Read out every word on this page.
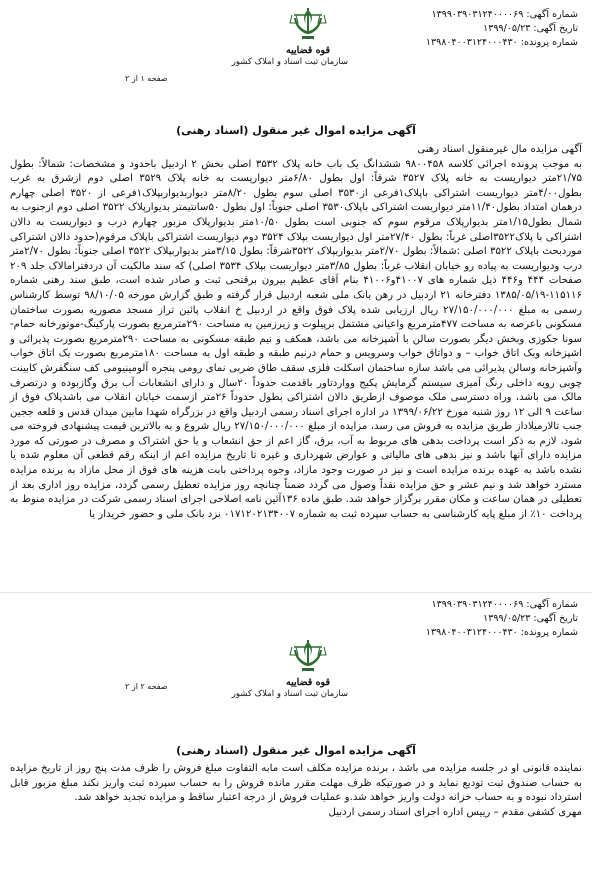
شماره آگهی: ۱۳۹۹۰۳۹۰۳۱۲۴۰۰۰۰۶۹
تاریخ آگهی: ۱۳۹۹/۰۵/۲۳
شماره پرونده: ۱۳۹۸۰۴۰۰۳۱۲۴۰۰۰۴۳۰
قوه قضاییه
سازمان ثبت اسناد و املاک کشور
صفحه ۱ از ۲
آگهی مزایده اموال غیر منقول (اسناد رهنی)

آگهی مزایده مال غیرمنقول اسناد رهنی

به موجب پرونده اجرائی کلاسه ۹۸۰۰۴۵۸ ششدانگ یک باب خانه پلاک ۳۵۳۲ اصلی بخش ۲ اردبیل باحدود و مشخصات: شمالاً: بطول ۲۱/۷۵متر دیواریست به خانه پلاک ۳۵۲۷ شرقاً: اول بطول ۶/۸۰متر دیواریست به خانه پلاک ۳۵۲۹ اصلی دوم ازشرق به غرب بطول۴/۰۰متر دیواریست اشتراکی باپلاک۱فرعی از۳۵۳۰ اصلی سوم بطول ۸/۲۰متر دیواربدیواربپلاک۱فرعی از ۳۵۲۰ اصلی چهارم درهمان امتداد بطول۱۱/۴۰متر دیواریست اشتراکی باپلاک۳۵۳۰ اصلی جنوباً: اول بطول ۵۰سانتیمتر بدیوارپلاک ۳۵۲۲ اصلی دوم ازجنوب به شمال بطول۱/۱۵متر بدیوارپلاک مرقوم سوم که جنوبی است بطول ۱۰/۵۰متر بدیوارپلاک مزبور چهارم درب و دیواریست به دالان اشتراکی با پلاک۳۵۲۲اصلی غرباً: بطول ۲۷/۴۰متر اول دیواریست بپلاک ۳۵۲۴ دوم دیواریست اشتراکی باپلاک مرقوم(حدود دالان اشتراکی موردبحث باپلاک ۳۵۲۲ اصلی :شمالاً: بطول ۲/۷۰متر بدیواربپلاک ۳۵۲۲شرقاً: بطول ۳/۱۵متر بدیواربپلاک ۳۵۲۲ اصلی جنوباً: بطول ۲/۷۰متر درب ودیواریست به پیاده رو خیابان انقلاب غرباً: بطول ۳/۸۵متر دیواریست بپلاک ۳۵۳۴ اصلی) که سند مالکیت آن دردفترامالاک جلد ۲۰۹ صفحات ۴۴۴ و۴۴۶ ذیل شماره های ۴۱۰۰۷و۴۱۰۰۶ بنام آقای عظیم بیرون برقتحی ثبت و صادر شده است، طبق سند رهنی شماره ۱۱۵۱۱۶-۱۳۸۵/۰۵/۱۹ دفترخانه ۲۱ اردبیل در رهن بانک ملی شعبه اردبیل قرار گرفته و طبق گزارش مورخه ۹۸/۱۰/۰۵ توسط کارشناس رسمی به مبلغ ۲۷/۱۵۰/۰۰۰/۰۰۰ ریال ارزیابی شده پلاک فوق واقع در اردبیل خ انقلاب پائین تراز مسجد مصوریه بصورت ساختمان مسکونی باعرصه به مساحت ۴۷۷مترمربع واعیانی مشتمل برپیلوت و زیرزمین به مساحت ۲۹۰مترمربع بصورت پارکینگ-موتورخانه حمام-سونا جکوزی وبخش دیگر بصورت سالن با آشپزخانه می باشد، همکف و نیم طبقه مسکونی به مساحت ۲۹۰مترمربع بصورت پذیرائی و اشپزخانه وبک اتاق خواب – و دواتاق خواب وسرویس و حمام درنیم طبقه و طبقه اول به مساحت ۱۸۰مترمربع بصورت یک اتاق خواب وآشپزخانه وسالن پذیرائی می باشد سازه ساختمان اسکلت فلزی سقف طاق ضربی نمای رومی پنجره آلومینیومی کف سنگفرش کابینت چوبی رویه داخلی رنگ آمیزی سیستم گرمایش پکیج وواردتاور باقدمت حدوداً ۲۰سال و دارای انشعابات آب برق وگازبوده و درتصرف مالک می باشد، وراه دسترسی ملک موصوف ازطریق دالان اشتراکی بطول حدوداً ۲۶متر ازسمت خیابان انقلاب می باشدپلاک فوق از ساعت ۹ الی ۱۲ روز شنبه مورخ ۱۳۹۹/۰۶/۲۲ در اداره اجرای اسناد رسمی اردبیل واقع در بزرگراه شهدا مابین میدان قدس و قلعه ججین جنب تالارمیلاداز طریق مزایده به فروش می رسد، مزایده از مبلغ ۲۷/۱۵۰/۰۰۰/۰۰۰ ریال شروع و به بالاترین قیمت پیشنهادی فروخته می شود، لازم به ذکر است پرداخت بدهی های مربوط به آب، برق، گاز اعم از حق انشعاب و یا حق اشتراک و مصرف در صورتی که مورد مزایده دارای آنها باشد و نیز بدهی های مالیاتی و عوارض شهرداری و غیره تا تاریخ مزایده اعم از اینکه رقم قطعی آن معلوم شده یا نشده باشد به عهده برنده مزایده است و نیز در صورت وجود مازاد، وجوه پرداختی بابت هزینه های فوق از محل مازاد به برنده مزایده مسترد خواهد شد و نیم عشر و حق مزایده نقداً وصول می گردد ضمناً چنانچه روز مزایده تعطیل رسمی گردد، مزایده روز اداری بعد از تعطیلی در همان ساعت و مکان مقرر برگزار خواهد شد. طبق ماده ۱۳۶آئین نامه اصلاحی اجرای اسناد رسمی شرکت در مزایده منوط به پرداخت ۱۰٪ از مبلغ پایه کارشناسی به حساب سپرده ثبت به شماره ۰۱۷۱۲۰۲۱۳۴۰۰۷ نزد بانک ملی و حضور خریدار یا

شماره آگهی: ۱۳۹۹۰۳۹۰۳۱۲۴۰۰۰۰۶۹
تاریخ آگهی: ۱۳۹۹/۰۵/۲۳
شماره پرونده: ۱۳۹۸۰۴۰۰۳۱۲۴۰۰۰۴۳۰
قوه قضاییه
سازمان ثبت اسناد و املاک کشور
صفحه ۲ از ۲
آگهی مزایده اموال غیر منقول (اسناد رهنی)

نماینده قانونی او در جلسه مزایده می باشد ، برنده مزایده مکلف است مابه التفاوت مبلغ فروش را ظرف مدت پنج روز از تاریخ مزایده به حساب صندوق ثبت تودیع نماید و در صورتیکه ظرف مهلت مقرر مانده فروش را به حساب سپرده ثبت واریز نکند مبلغ مزبور قابل استرداد نبوده و به حساب خزانه دولت واریز خواهد شد.و عملیات فروش از درجه اعتبار ساقط و مزایده تجدید خواهد شد.

مهری کشفی مقدم – رییس اداره اجرای اسناد رسمی اردبیل
